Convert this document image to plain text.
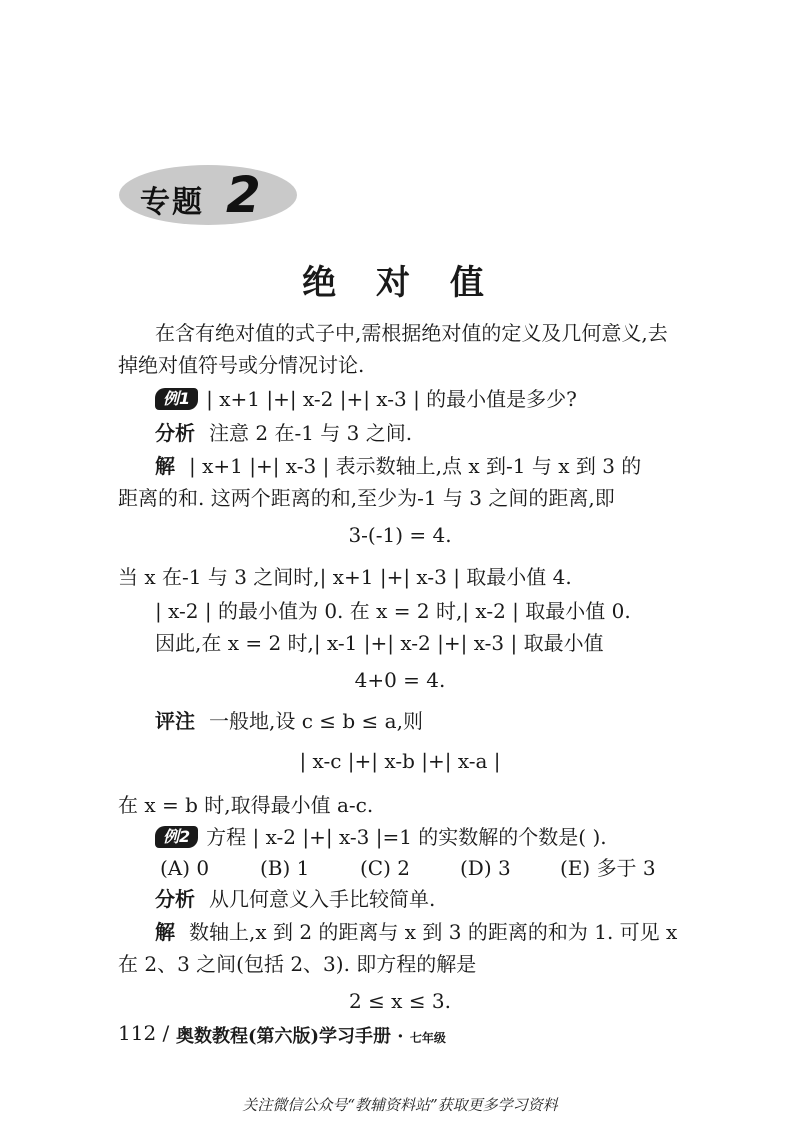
专题 2
绝 对 值
在含有绝对值的式子中,需根据绝对值的定义及几何意义,去
掉绝对值符号或分情况讨论.
例1 | x+1 |+| x-2 |+| x-3 | 的最小值是多少?
分析 注意 2 在-1 与 3 之间.
解 | x+1 |+| x-3 | 表示数轴上,点 x 到-1 与 x 到 3 的
距离的和. 这两个距离的和,至少为-1 与 3 之间的距离,即
3-(-1) = 4.
当 x 在-1 与 3 之间时,| x+1 |+| x-3 | 取最小值 4.
| x-2 | 的最小值为 0. 在 x = 2 时,| x-2 | 取最小值 0.
因此,在 x = 2 时,| x-1 |+| x-2 |+| x-3 | 取最小值
4+0 = 4.
评注 一般地,设 c ≤ b ≤ a,则
| x-c |+| x-b |+| x-a |
在 x = b 时,取得最小值 a-c.
例2 方程 | x-2 |+| x-3 |=1 的实数解的个数是( ).
(A) 0	(B) 1	(C) 2	(D) 3 (E) 多于 3
分析 从几何意义入手比较简单.
解 数轴上,x 到 2 的距离与 x 到 3 的距离的和为 1. 可见 x
在 2、3 之间(包括 2、3). 即方程的解是
2 ≤ x ≤ 3.
112 / 奥数教程(第六版)学习手册 · 七年级
关注微信公众号“教辅资料站”获取更多学习资料
